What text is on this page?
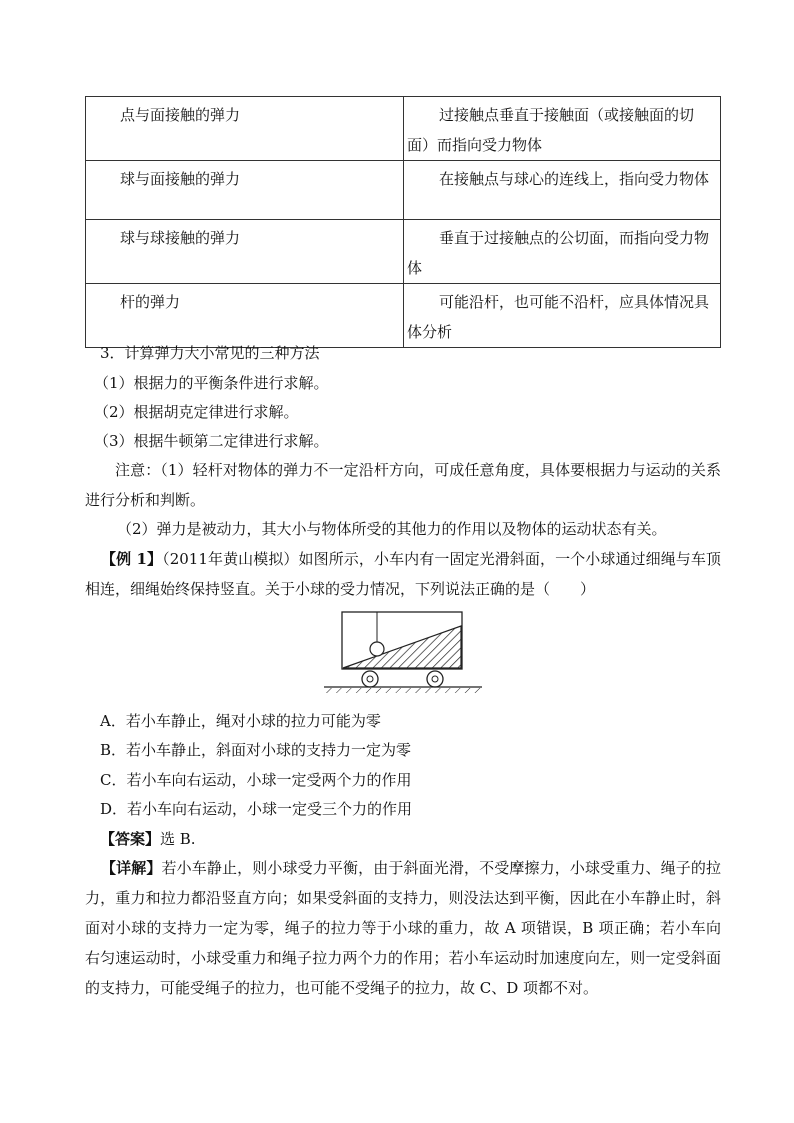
点与面接触的弹力	过接触点垂直于接触面（或接触面的切面）而指向受力物体
球与面接触的弹力	在接触点与球心的连线上，指向受力物体
球与球接触的弹力	垂直于过接触点的公切面，而指向受力物体
杆的弹力	可能沿杆，也可能不沿杆，应具体情况具体分析
3．计算弹力大小常见的三种方法
（1）根据力的平衡条件进行求解。
（2）根据胡克定律进行求解。
（3）根据牛顿第二定律进行求解。
注意：（1）轻杆对物体的弹力不一定沿杆方向，可成任意角度，具体要根据力与运动的关系进行分析和判断。
（2）弹力是被动力，其大小与物体所受的其他力的作用以及物体的运动状态有关。
【例 1】（2011年黄山模拟）如图所示，小车内有一固定光滑斜面，一个小球通过细绳与车顶相连，细绳始终保持竖直。关于小球的受力情况，下列说法正确的是（　　）
A．若小车静止，绳对小球的拉力可能为零
B．若小车静止，斜面对小球的支持力一定为零
C．若小车向右运动，小球一定受两个力的作用
D．若小车向右运动，小球一定受三个力的作用
【答案】选 B.
【详解】若小车静止，则小球受力平衡，由于斜面光滑，不受摩擦力，小球受重力、绳子的拉力，重力和拉力都沿竖直方向；如果受斜面的支持力，则没法达到平衡，因此在小车静止时，斜面对小球的支持力一定为零，绳子的拉力等于小球的重力，故 A 项错误，B 项正确；若小车向右匀速运动时，小球受重力和绳子拉力两个力的作用；若小车运动时加速度向左，则一定受斜面的支持力，可能受绳子的拉力，也可能不受绳子的拉力，故 C、D 项都不对。
